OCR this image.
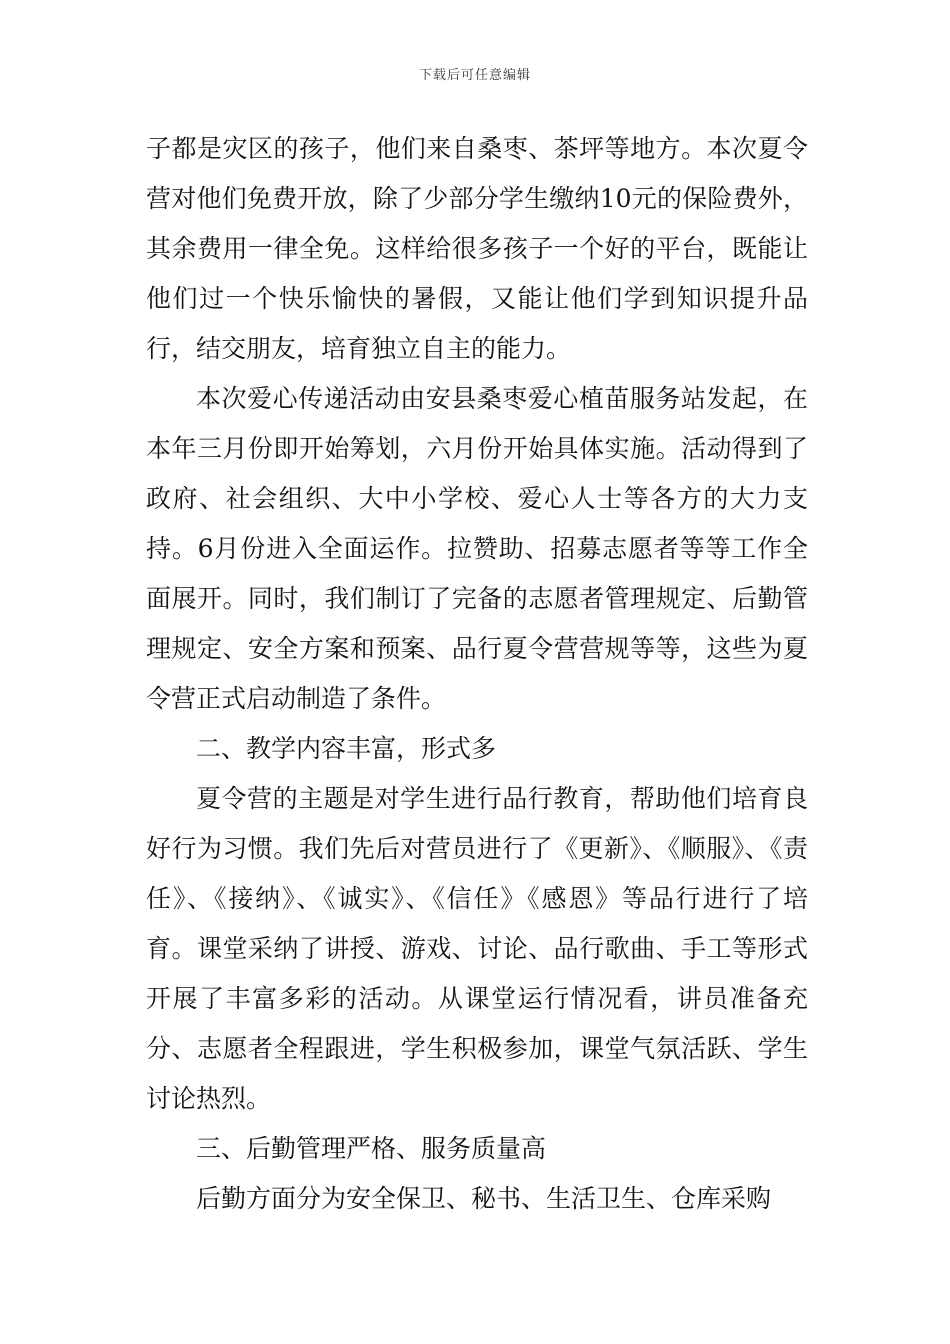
下载后可任意编辑

子都是灾区的孩子，他们来自桑枣、茶坪等地方。本次夏令营对他们免费开放，除了少部分学生缴纳10元的保险费外，其余费用一律全免。这样给很多孩子一个好的平台，既能让他们过一个快乐愉快的暑假，又能让他们学到知识提升品行，结交朋友，培育独立自主的能力。

本次爱心传递活动由安县桑枣爱心植苗服务站发起，在本年三月份即开始筹划，六月份开始具体实施。活动得到了政府、社会组织、大中小学校、爱心人士等各方的大力支持。6月份进入全面运作。拉赞助、招募志愿者等等工作全面展开。同时，我们制订了完备的志愿者管理规定、后勤管理规定、安全方案和预案、品行夏令营营规等等，这些为夏令营正式启动制造了条件。

二、教学内容丰富，形式多

夏令营的主题是对学生进行品行教育，帮助他们培育良好行为习惯。我们先后对营员进行了《更新》、《顺服》、《责任》、《接纳》、《诚实》、《信任》《感恩》等品行进行了培育。课堂采纳了讲授、游戏、讨论、品行歌曲、手工等形式开展了丰富多彩的活动。从课堂运行情况看，讲员准备充分、志愿者全程跟进，学生积极参加，课堂气氛活跃、学生讨论热烈。

三、后勤管理严格、服务质量高

后勤方面分为安全保卫、秘书、生活卫生、仓库采购
